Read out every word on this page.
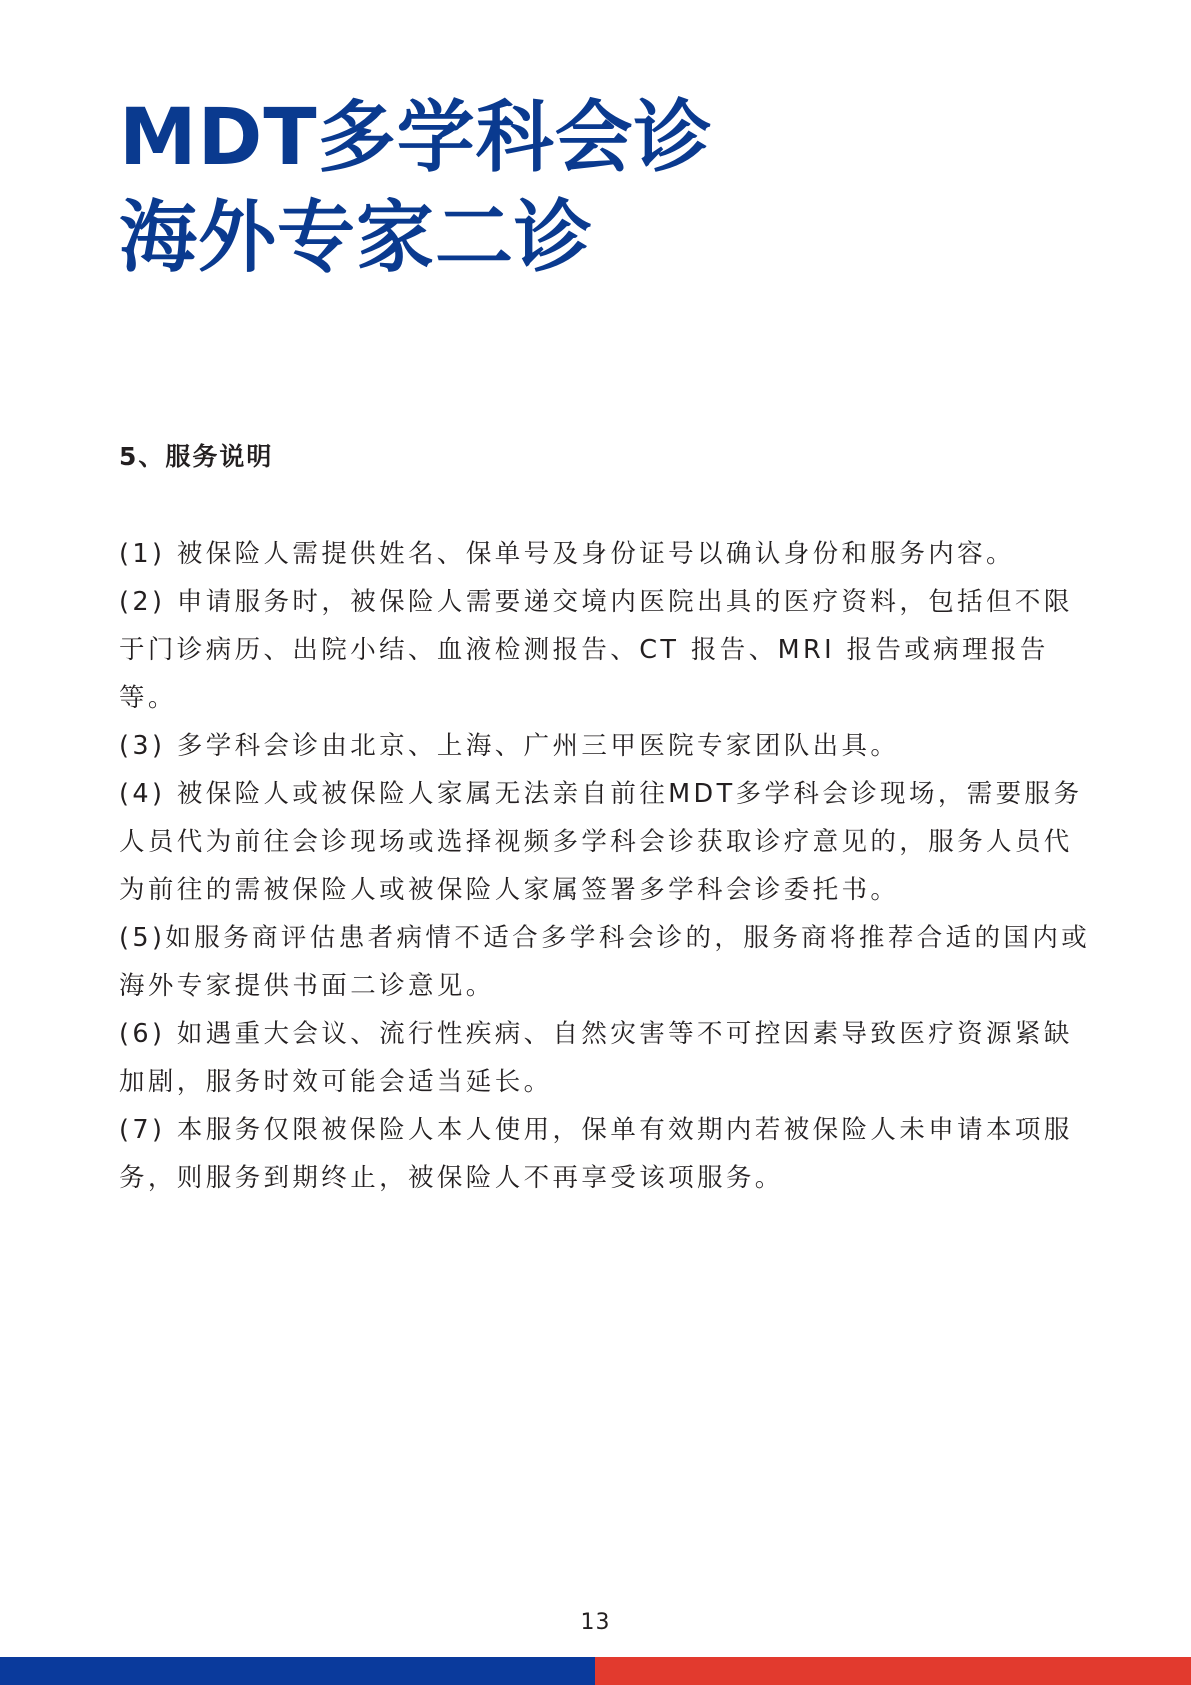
MDT多学科会诊
海外专家二诊
5、服务说明
(1) 被保险人需提供姓名、保单号及身份证号以确认身份和服务内容。
(2) 申请服务时，被保险人需要递交境内医院出具的医疗资料，包括但不限于门诊病历、出院小结、血液检测报告、CT 报告、MRI 报告或病理报告等。
(3) 多学科会诊由北京、上海、广州三甲医院专家团队出具。
(4) 被保险人或被保险人家属无法亲自前往MDT多学科会诊现场，需要服务人员代为前往会诊现场或选择视频多学科会诊获取诊疗意见的，服务人员代为前往的需被保险人或被保险人家属签署多学科会诊委托书。
(5)如服务商评估患者病情不适合多学科会诊的，服务商将推荐合适的国内或海外专家提供书面二诊意见。
(6) 如遇重大会议、流行性疾病、自然灾害等不可控因素导致医疗资源紧缺加剧，服务时效可能会适当延长。
(7) 本服务仅限被保险人本人使用，保单有效期内若被保险人未申请本项服务，则服务到期终止，被保险人不再享受该项服务。
13
